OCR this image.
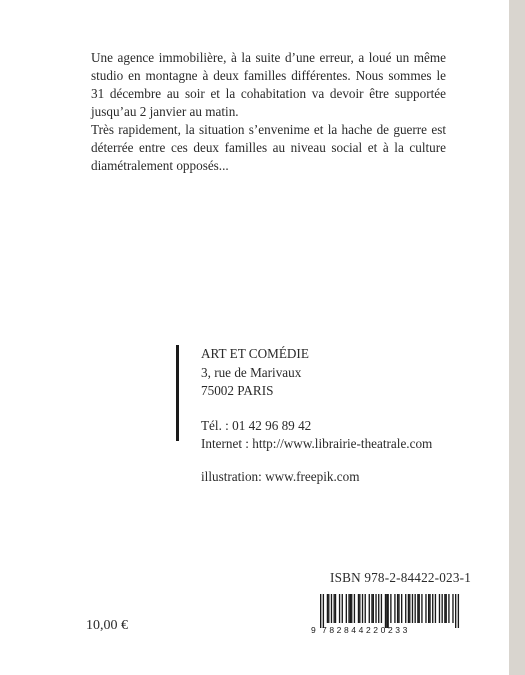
Une agence immobilière, à la suite d’une erreur, a loué un même studio en montagne à deux familles différentes. Nous sommes le 31 décembre au soir et la cohabitation va devoir être supportée jusqu’au 2 janvier au matin.

Très rapidement, la situation s’envenime et la hache de guerre est déterrée entre ces deux familles au niveau social et à la culture diamétralement opposés...

ART ET COMÉDIE
3, rue de Marivaux
75002 PARIS
Tél. : 01 42 96 89 42
Internet : http://www.librairie-theatrale.com
illustration: www.freepik.com
ISBN 978-2-84422-023-1
9 782844220233
10,00 €
